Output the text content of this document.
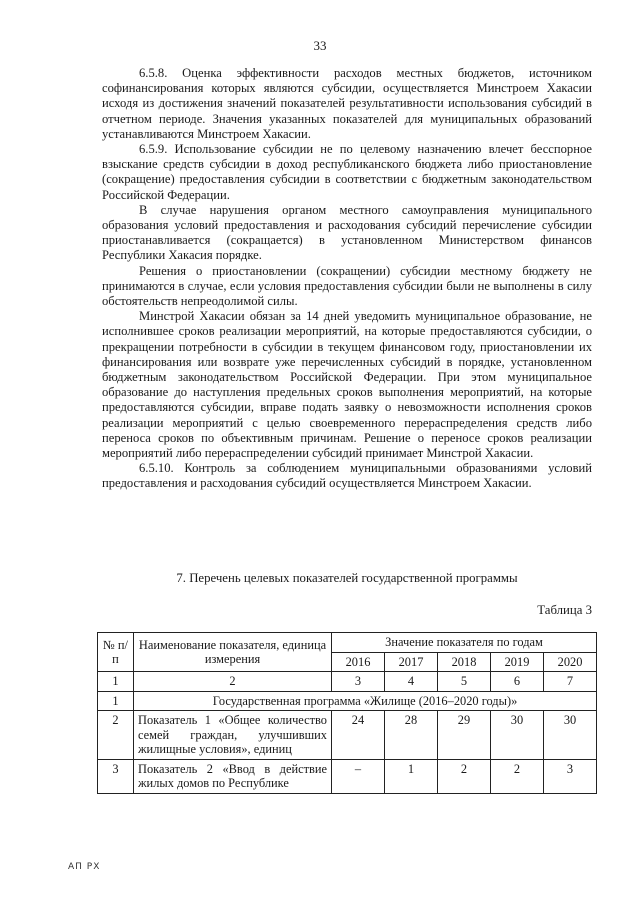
33

6.5.8. Оценка эффективности расходов местных бюджетов, источником софинансирования которых являются субсидии, осуществляется Минстроем Хакасии исходя из достижения значений показателей результативности использования субсидий в отчетном периоде. Значения указанных показателей для муниципальных образований устанавливаются Минстроем Хакасии.

6.5.9. Использование субсидии не по целевому назначению влечет бесспорное взыскание средств субсидии в доход республиканского бюджета либо приостановление (сокращение) предоставления субсидии в соответствии с бюджетным законодательством Российской Федерации.

В случае нарушения органом местного самоуправления муниципального образования условий предоставления и расходования субсидий перечисление субсидии приостанавливается (сокращается) в установленном Министерством финансов Республики Хакасия порядке.

Решения о приостановлении (сокращении) субсидии местному бюджету не принимаются в случае, если условия предоставления субсидии были не выполнены в силу обстоятельств непреодолимой силы.

Минстрой Хакасии обязан за 14 дней уведомить муниципальное образование, не исполнившее сроков реализации мероприятий, на которые предоставляются субсидии, о прекращении потребности в субсидии в текущем финансовом году, приостановлении их финансирования или возврате уже перечисленных субсидий в порядке, установленном бюджетным законодательством Российской Федерации. При этом муниципальное образование до наступления предельных сроков выполнения мероприятий, на которые предоставляются субсидии, вправе подать заявку о невозможности исполнения сроков реализации мероприятий с целью своевременного перераспределения средств либо переноса сроков по объективным причинам. Решение о переносе сроков реализации мероприятий либо перераспределении субсидий принимает Минстрой Хакасии.

6.5.10. Контроль за соблюдением муниципальными образованиями условий предоставления и расходования субсидий осуществляется Минстроем Хакасии.

7. Перечень целевых показателей государственной программы
Таблица 3
№ п/п	Наименование показателя, единица измерения	Значение показателя по годам				
		2016	2017	2018	2019	2020
1	2	3	4	5	6	7
1	Государственная программа «Жилище (2016–2020 годы)»					
2	Показатель 1 «Общее количество семей граждан, улучшивших жилищные условия», единиц	24	28	29	30	30
3	Показатель 2 «Ввод в действие жилых домов по Республике	–	1	2	2	3
АП РХ
